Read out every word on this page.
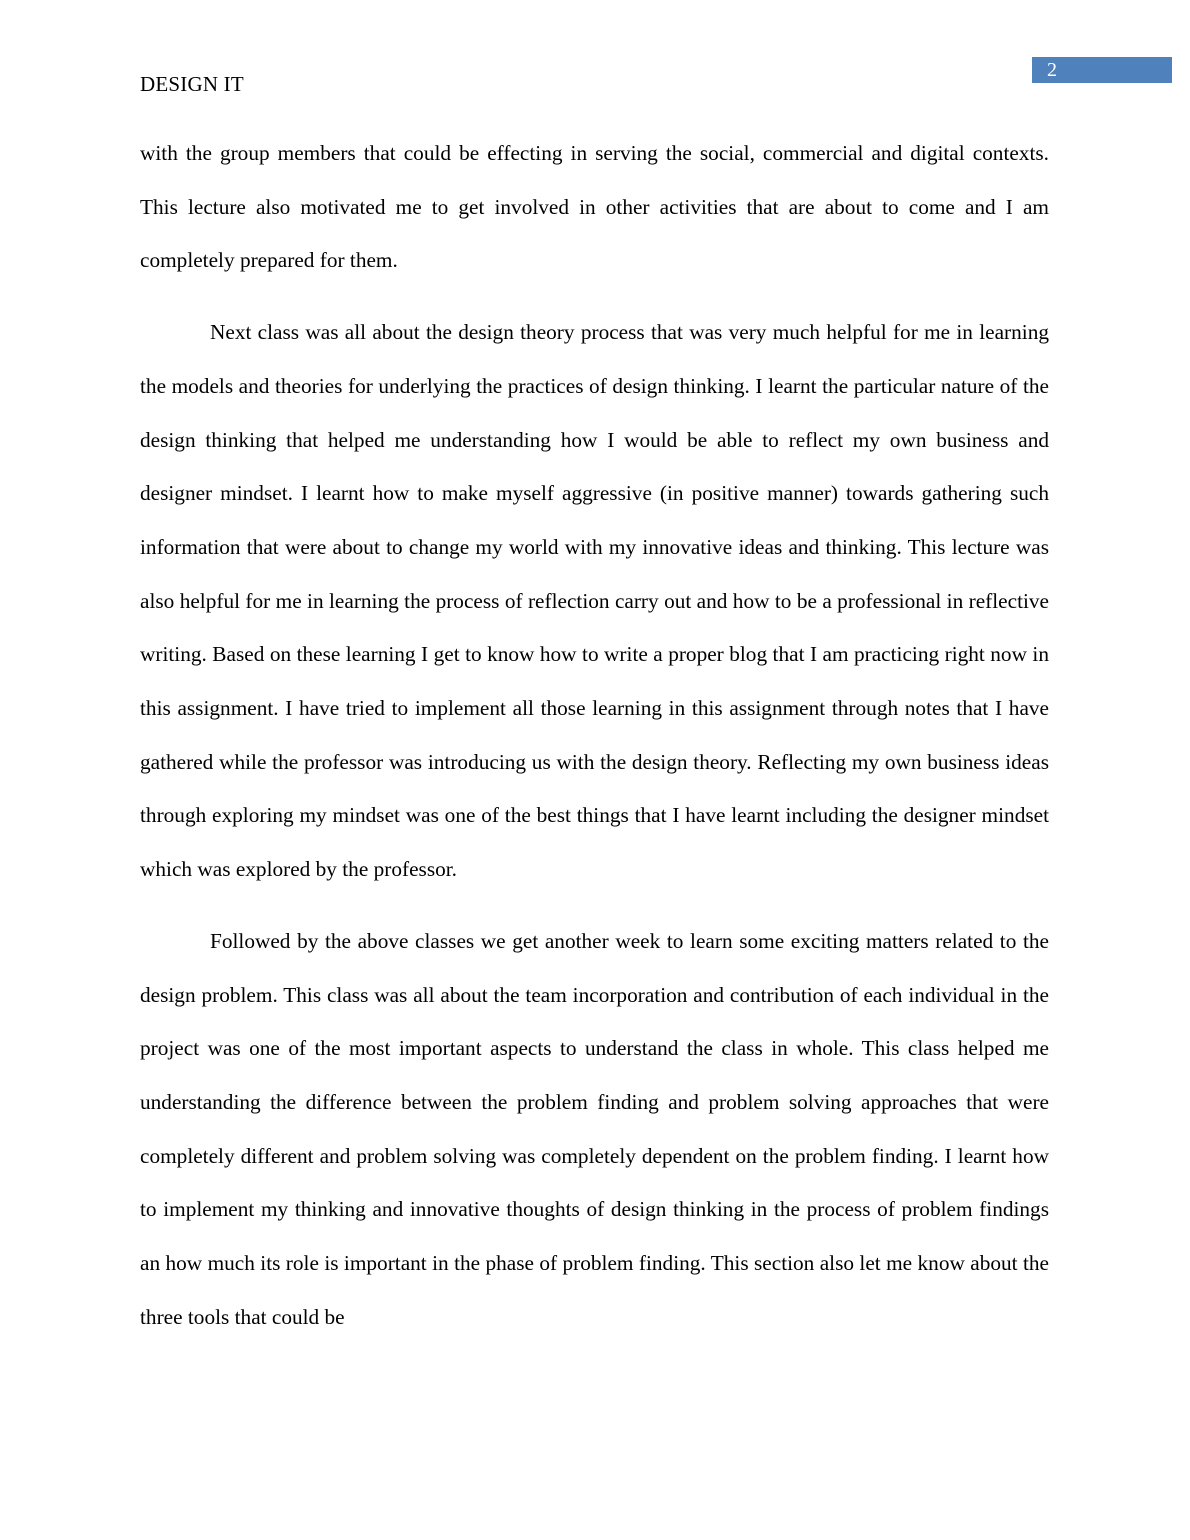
DESIGN IT
2

with the group members that could be effecting in serving the social, commercial and digital contexts. This lecture also motivated me to get involved in other activities that are about to come and I am completely prepared for them.

Next class was all about the design theory process that was very much helpful for me in learning the models and theories for underlying the practices of design thinking. I learnt the particular nature of the design thinking that helped me understanding how I would be able to reflect my own business and designer mindset. I learnt how to make myself aggressive (in positive manner) towards gathering such information that were about to change my world with my innovative ideas and thinking. This lecture was also helpful for me in learning the process of reflection carry out and how to be a professional in reflective writing. Based on these learning I get to know how to write a proper blog that I am practicing right now in this assignment. I have tried to implement all those learning in this assignment through notes that I have gathered while the professor was introducing us with the design theory. Reflecting my own business ideas through exploring my mindset was one of the best things that I have learnt including the designer mindset which was explored by the professor.

Followed by the above classes we get another week to learn some exciting matters related to the design problem. This class was all about the team incorporation and contribution of each individual in the project was one of the most important aspects to understand the class in whole. This class helped me understanding the difference between the problem finding and problem solving approaches that were completely different and problem solving was completely dependent on the problem finding. I learnt how to implement my thinking and innovative thoughts of design thinking in the process of problem findings an how much its role is important in the phase of problem finding. This section also let me know about the three tools that could be
